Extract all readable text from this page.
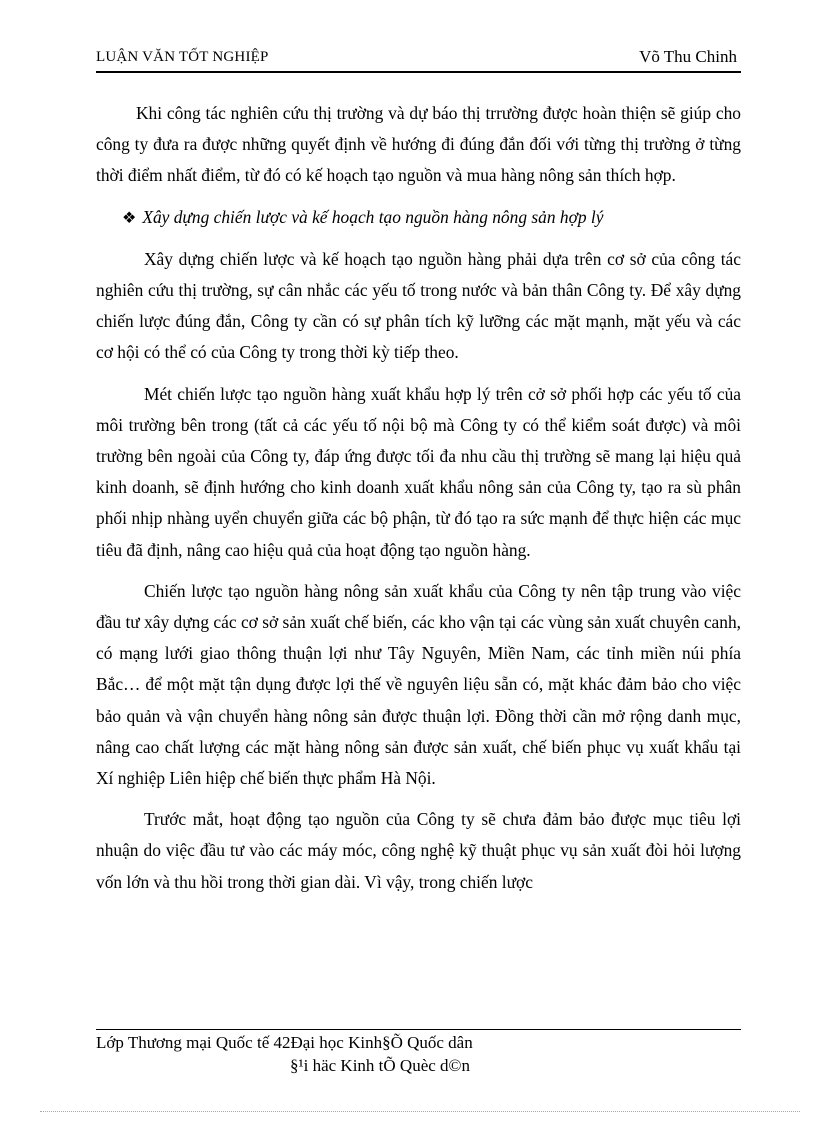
LUẬN VĂN TỐT NGHIỆP	Võ Thu Chinh

Khi công tác nghiên cứu thị trường và dự báo thị trrường được hoàn thiện sẽ giúp cho công ty đưa ra được những quyết định về hướng đi đúng đắn đối với từng thị trường ở từng thời điểm nhất điểm, từ đó có kế hoạch tạo nguồn và mua hàng nông sản thích hợp.

❖ Xây dựng chiến lược và kế hoạch tạo nguồn hàng nông sản hợp lý

Xây dựng chiến lược và kế hoạch tạo nguồn hàng phải dựa trên cơ sở của công tác nghiên cứu thị trường, sự cân nhắc các yếu tố trong nước và bản thân Công ty. Để xây dựng chiến lược đúng đắn, Công ty cần có sự phân tích kỹ lưỡng các mặt mạnh, mặt yếu và các cơ hội có thể có của Công ty trong thời kỳ tiếp theo.

Mét chiến lược tạo nguồn hàng xuất khẩu hợp lý trên cở sở phối hợp các yếu tố của môi trường bên trong (tất cả các yếu tố nội bộ mà Công ty có thể kiểm soát được) và môi trường bên ngoài của Công ty, đáp ứng được tối đa nhu cầu thị trường sẽ mang lại hiệu quả kinh doanh, sẽ định hướng cho kinh doanh xuất khẩu nông sản của Công ty, tạo ra sù phân phối nhịp nhàng uyển chuyển giữa các bộ phận, từ đó tạo ra sức mạnh để thực hiện các mục tiêu đã định, nâng cao hiệu quả của hoạt động tạo nguồn hàng.

Chiến lược tạo nguồn hàng nông sản xuất khẩu của Công ty nên tập trung vào việc đầu tư xây dựng các cơ sở sản xuất chế biến, các kho vận tại các vùng sản xuất chuyên canh, có mạng lưới giao thông thuận lợi như Tây Nguyên, Miền Nam, các tỉnh miền núi phía Bắc… để một mặt tận dụng được lợi thế về nguyên liệu sẵn có, mặt khác đảm bảo cho việc bảo quản và vận chuyển hàng nông sản được thuận lợi. Đồng thời cần mở rộng danh mục, nâng cao chất lượng các mặt hàng nông sản được sản xuất, chế biến phục vụ xuất khẩu tại Xí nghiệp Liên hiệp chế biến thực phẩm Hà Nội.

Trước mắt, hoạt động tạo nguồn của Công ty sẽ chưa đảm bảo được mục tiêu lợi nhuận do việc đầu tư vào các máy móc, công nghệ kỹ thuật phục vụ sản xuất đòi hỏi lượng vốn lớn và thu hồi trong thời gian dài. Vì vậy, trong chiến lược

Lớp Thương mại Quốc tế 42Đại học Kinh§Õ Quốc dân
§¹i häc Kinh tÕ Quèc d©n
